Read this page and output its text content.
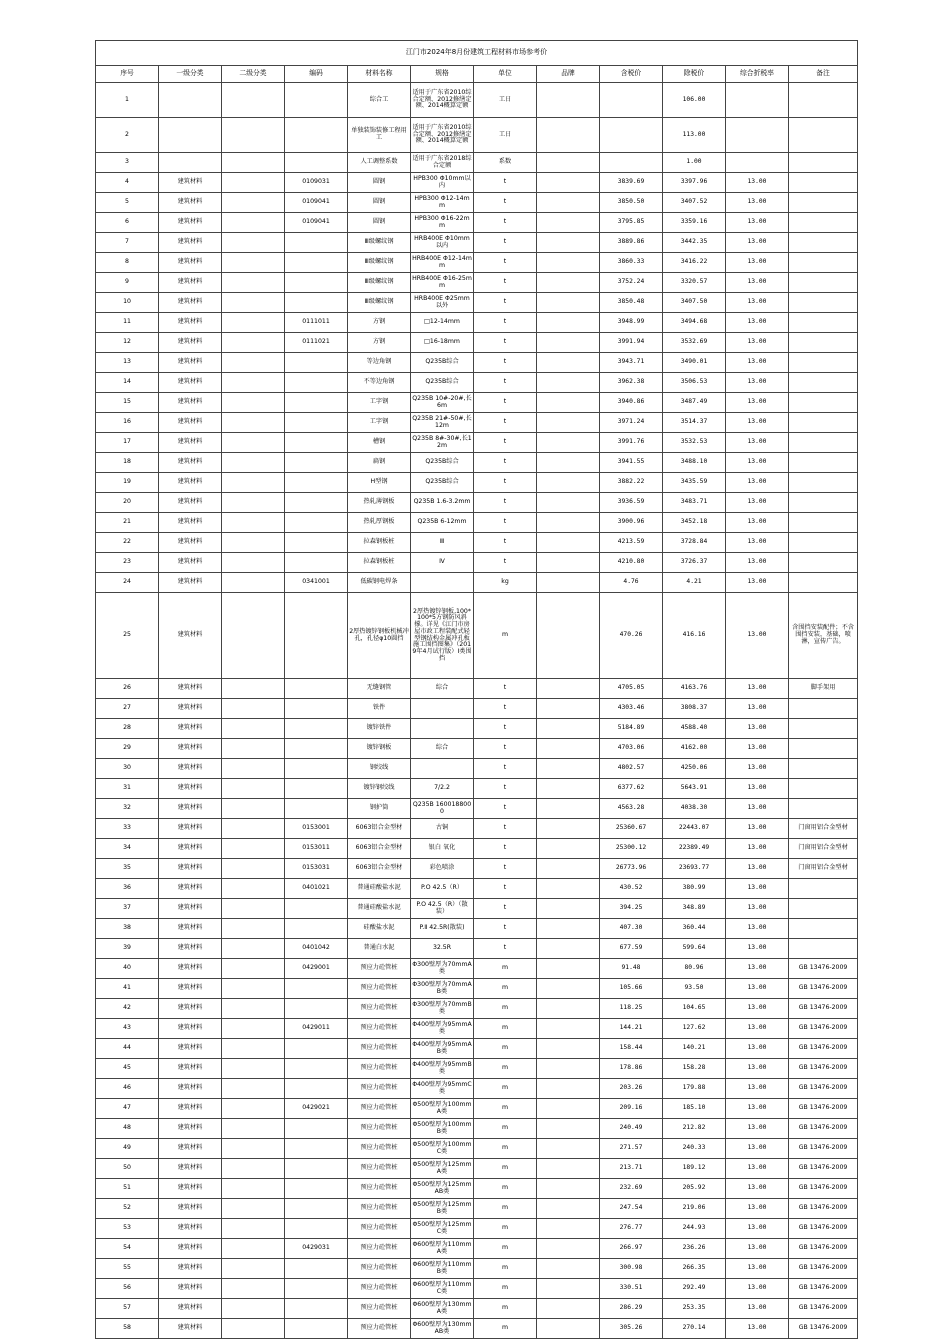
江门市2024年8月份建筑工程材料市场参考价											
序号	一级分类	二级分类	编码	材料名称	规格	单位	品牌	含税价	除税价	综合折税率	备注
1				综合工	适用于广东省2010综合定额、2012修缮定额、2014概算定额	工日			106.00		
2				单独装饰装修工程用工	适用于广东省2010综合定额、2012修缮定额、2014概算定额	工日			113.00		
3				人工调整系数	适用于广东省2018综合定额	系数			1.00		
4	建筑材料		0109031	圆钢	HPB300 Φ10mm以内	t		3839.69	3397.96	13.00	
5	建筑材料		0109041	圆钢	HPB300 Φ12-14mm	t		3850.50	3407.52	13.00	
6	建筑材料		0109041	圆钢	HPB300 Φ16-22mm	t		3795.85	3359.16	13.00	
7	建筑材料			Ⅲ级螺纹钢	HRB400E Φ10mm以内	t		3889.86	3442.35	13.00	
8	建筑材料			Ⅲ级螺纹钢	HRB400E Φ12-14mm	t		3860.33	3416.22	13.00	
9	建筑材料			Ⅲ级螺纹钢	HRB400E Φ16-25mm	t		3752.24	3320.57	13.00	
10	建筑材料			Ⅲ级螺纹钢	HRB400E Φ25mm以外	t		3850.48	3407.50	13.00	
11	建筑材料		0111011	方钢	□12-14mm	t		3948.99	3494.68	13.00	
12	建筑材料		0111021	方钢	□16-18mm	t		3991.94	3532.69	13.00	
13	建筑材料			等边角钢	Q235B综合	t		3943.71	3490.01	13.00	
14	建筑材料			不等边角钢	Q235B综合	t		3962.38	3506.53	13.00	
15	建筑材料			工字钢	Q235B 10#-20#,长6m	t		3940.86	3487.49	13.00	
16	建筑材料			工字钢	Q235B 21#-50#,长12m	t		3971.24	3514.37	13.00	
17	建筑材料			槽钢	Q235B 8#-30#,长12m	t		3991.76	3532.53	13.00	
18	建筑材料			扁钢	Q235B综合	t		3941.55	3488.10	13.00	
19	建筑材料			H型钢	Q235B综合	t		3882.22	3435.59	13.00	
20	建筑材料			热轧薄钢板	Q235B 1.6-3.2mm	t		3936.59	3483.71	13.00	
21	建筑材料			热轧厚钢板	Q235B 6-12mm	t		3900.96	3452.18	13.00	
22	建筑材料			拉森钢板桩	Ⅲ	t		4213.59	3728.84	13.00	
23	建筑材料			拉森钢板桩	Ⅳ	t		4210.80	3726.37	13.00	
24	建筑材料		0341001	低碳钢电焊条		kg		4.76	4.21	13.00	
25	建筑材料			2厚热镀锌钢板机械冲孔，孔径φ10圆挡	2厚热镀锌钢板,100*100*5方钢防风斜撑。详见《江门市房屋市政工程装配式轻型钢结构金属冲孔板施工围挡图集》（2019年4月试行版）Ⅰ类围挡	m		470.26	416.16	13.00	含围挡安装配件；不含围挡安装，基础，喷淋，宣传广告。
26	建筑材料			无缝钢管	综合	t		4705.05	4163.76	13.00	脚手架用
27	建筑材料			铁件		t		4303.46	3808.37	13.00	
28	建筑材料			镀锌铁件		t		5184.89	4588.40	13.00	
29	建筑材料			镀锌钢板	综合	t		4703.06	4162.00	13.00	
30	建筑材料			钢绞线		t		4802.57	4250.06	13.00	
31	建筑材料			镀锌钢绞线	7/2.2	t		6377.62	5643.91	13.00	
32	建筑材料			钢护筒	Q235B 1600188000	t		4563.28	4038.30	13.00	
33	建筑材料		0153001	6063铝合金型材	古铜	t		25360.67	22443.07	13.00	门窗用铝合金型材
34	建筑材料		0153011	6063铝合金型材	银白 氧化	t		25300.12	22389.49	13.00	门窗用铝合金型材
35	建筑材料		0153031	6063铝合金型材	彩色喷涂	t		26773.96	23693.77	13.00	门窗用铝合金型材
36	建筑材料		0401021	普通硅酸盐水泥	P.O 42.5（R）	t		430.52	380.99	13.00	
37	建筑材料			普通硅酸盐水泥	P.O 42.5（R）（散装）	t		394.25	348.89	13.00	
38	建筑材料			硅酸盐水泥	P.Ⅱ 42.5R(散装)	t		407.30	360.44	13.00	
39	建筑材料		0401042	普通白水泥	32.5R	t		677.59	599.64	13.00	
40	建筑材料		0429001	预应力砼管桩	Φ300壁厚为70mmA类	m		91.48	80.96	13.00	GB 13476-2009
41	建筑材料			预应力砼管桩	Φ300壁厚为70mmAB类	m		105.66	93.50	13.00	GB 13476-2009
42	建筑材料			预应力砼管桩	Φ300壁厚为70mmB类	m		118.25	104.65	13.00	GB 13476-2009
43	建筑材料		0429011	预应力砼管桩	Φ400壁厚为95mmA类	m		144.21	127.62	13.00	GB 13476-2009
44	建筑材料			预应力砼管桩	Φ400壁厚为95mmAB类	m		158.44	140.21	13.00	GB 13476-2009
45	建筑材料			预应力砼管桩	Φ400壁厚为95mmB类	m		178.86	158.28	13.00	GB 13476-2009
46	建筑材料			预应力砼管桩	Φ400壁厚为95mmC类	m		203.26	179.88	13.00	GB 13476-2009
47	建筑材料		0429021	预应力砼管桩	Φ500壁厚为100mmA类	m		209.16	185.10	13.00	GB 13476-2009
48	建筑材料			预应力砼管桩	Φ500壁厚为100mmB类	m		240.49	212.82	13.00	GB 13476-2009
49	建筑材料			预应力砼管桩	Φ500壁厚为100mmC类	m		271.57	240.33	13.00	GB 13476-2009
50	建筑材料			预应力砼管桩	Φ500壁厚为125mmA类	m		213.71	189.12	13.00	GB 13476-2009
51	建筑材料			预应力砼管桩	Φ500壁厚为125mmAB类	m		232.69	205.92	13.00	GB 13476-2009
52	建筑材料			预应力砼管桩	Φ500壁厚为125mmB类	m		247.54	219.06	13.00	GB 13476-2009
53	建筑材料			预应力砼管桩	Φ500壁厚为125mmC类	m		276.77	244.93	13.00	GB 13476-2009
54	建筑材料		0429031	预应力砼管桩	Φ600壁厚为110mmA类	m		266.97	236.26	13.00	GB 13476-2009
55	建筑材料			预应力砼管桩	Φ600壁厚为110mmB类	m		300.98	266.35	13.00	GB 13476-2009
56	建筑材料			预应力砼管桩	Φ600壁厚为110mmC类	m		330.51	292.49	13.00	GB 13476-2009
57	建筑材料			预应力砼管桩	Φ600壁厚为130mmA类	m		286.29	253.35	13.00	GB 13476-2009
58	建筑材料			预应力砼管桩	Φ600壁厚为130mmAB类	m		305.26	270.14	13.00	GB 13476-2009
